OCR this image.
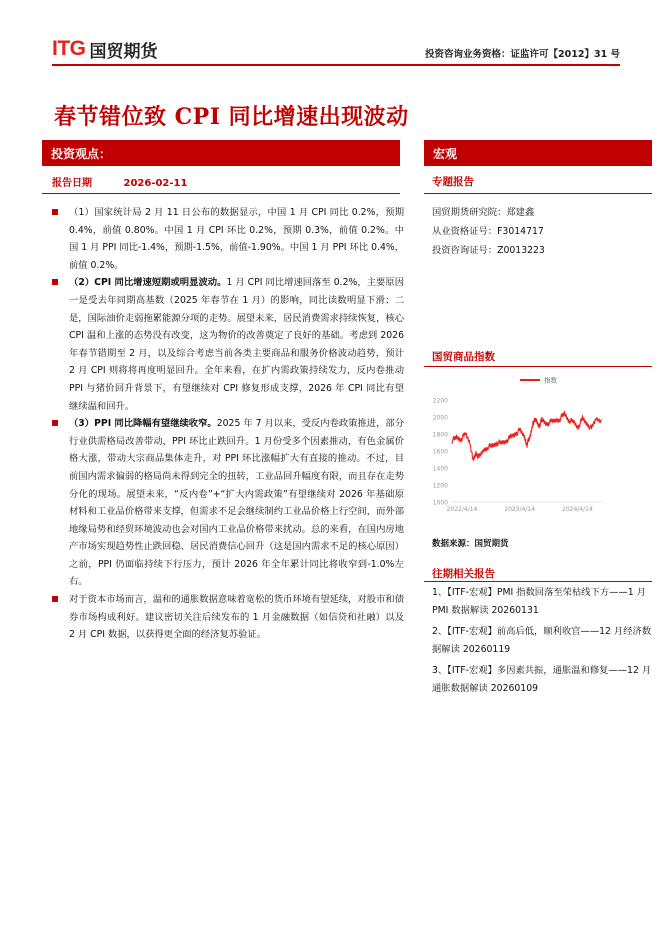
ITG 国贸期货	投资咨询业务资格：证监许可【2012】31 号
春节错位致 CPI 同比增速出现波动
投资观点：
报告日期	2026-02-11
（1）国家统计局 2 月 11 日公布的数据显示，中国 1 月 CPI 同比 0.2%，预期 0.4%，前值 0.80%。中国 1 月 CPI 环比 0.2%，预期 0.3%，前值 0.2%。中国 1 月 PPI 同比-1.4%，预期-1.5%，前值-1.90%。中国 1 月 PPI 环比 0.4%，前值 0.2%。
（2）CPI 同比增速短期或明显波动。1 月 CPI 同比增速回落至 0.2%，主要原因一是受去年同期高基数（2025 年春节在 1 月）的影响，同比读数明显下滑；二是，国际油价走弱拖累能源分项的走势。展望未来，居民消费需求持续恢复，核心 CPI 温和上涨的态势没有改变，这为物价的改善奠定了良好的基础。考虑到 2026 年春节错期至 2 月，以及综合考虑当前各类主要商品和服务价格波动趋势，预计 2 月 CPI 则将将再度明显回升。全年来看，在扩内需政策持续发力，反内卷推动 PPI 与猪价回升背景下，有望继续对 CPI 修复形成支撑，2026 年 CPI 同比有望继续温和回升。
（3）PPI 同比降幅有望继续收窄。2025 年 7 月以来，受反内卷政策推进，部分行业供需格局改善带动，PPI 环比止跌回升。1 月份受多个因素推动，有色金属价格大涨，带动大宗商品集体走升，对 PPI 环比涨幅扩大有直接的推动。不过，目前国内需求偏弱的格局尚未得到完全的扭转，工业品回升幅度有限，而且存在走势分化的现场。展望未来，“反内卷”+“扩大内需政策”有望继续对 2026 年基础原材料和工业品价格带来支撑，但需求不足会继续制约工业品价格上行空间，而外部地缘局势和经贸环境波动也会对国内工业品价格带来扰动。总的来看，在国内房地产市场实现趋势性止跌回稳、居民消费信心回升（这是国内需求不足的核心原因）之前，PPI 仍面临持续下行压力，预计 2026 年全年累计同比将收窄到-1.0%左右。
对于资本市场而言，温和的通胀数据意味着宽松的货币环境有望延续，对股市和债券市场构成利好。建议密切关注后续发布的 1 月金融数据（如信贷和社融）以及 2 月 CPI 数据，以获得更全面的经济复苏验证。
宏观
专题报告
国贸期货研究院：郑建鑫
从业资格证号：F3014717
投资咨询证号：Z0013223
国贸商品指数
1000
1200
1400
1600
1800
2000
2200
2022/4/14	2023/4/14	2024/4/14
指数
数据来源：国贸期货
往期相关报告
1、【ITF-宏观】PMI 指数回落至荣枯线下方——1 月 PMI 数据解读 20260131
2、【ITF-宏观】前高后低，顺利收官——12 月经济数据解读 20260119
3、【ITF-宏观】多因素共振，通胀温和修复——12 月通胀数据解读 20260109
